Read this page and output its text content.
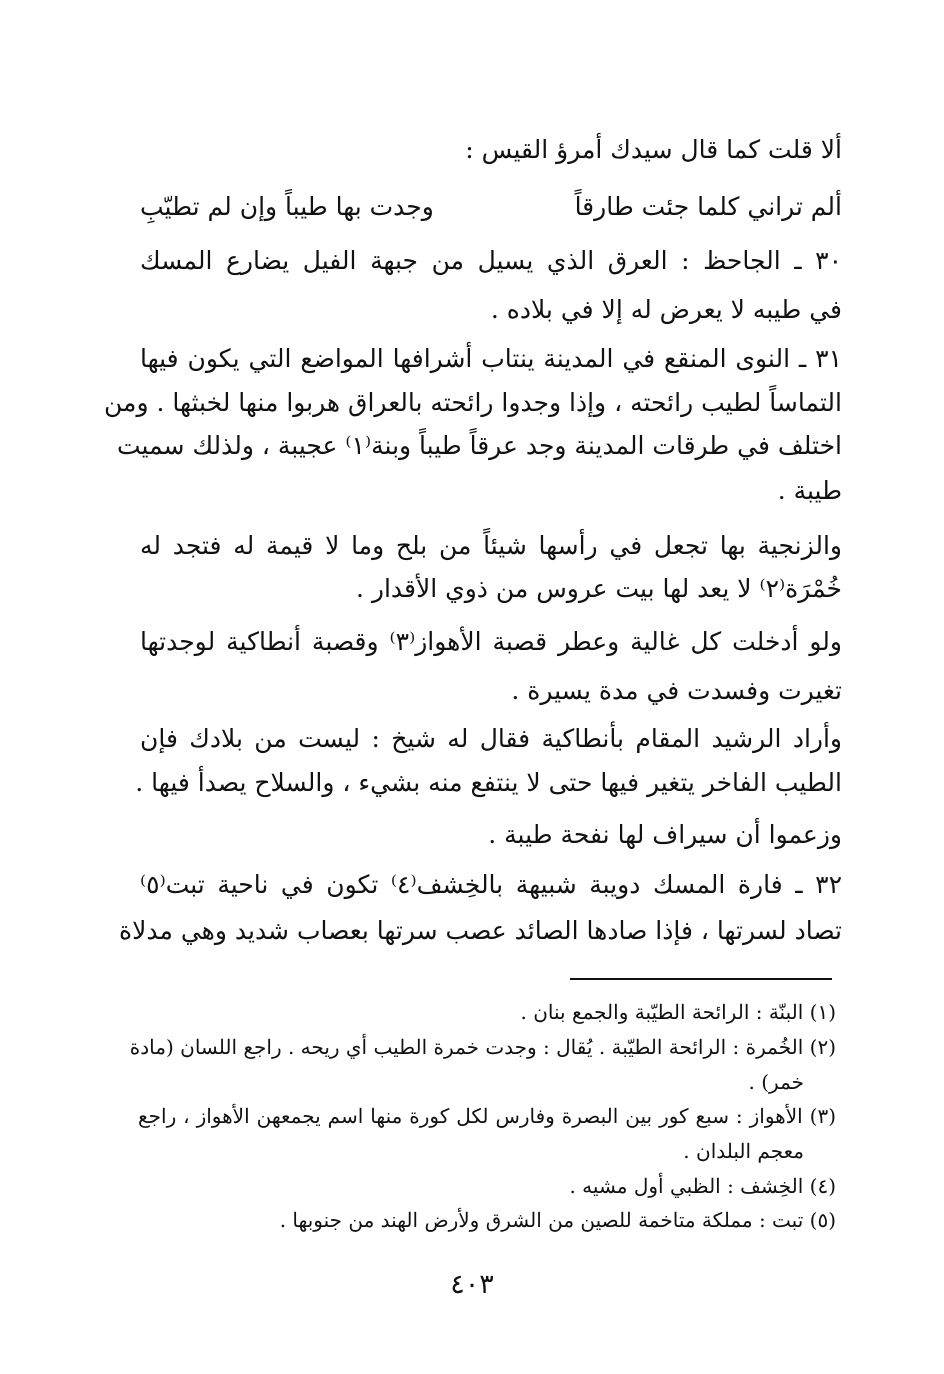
ألا قلت كما قال سيدك أمرؤ القيس :
ألم تراني كلما جئت طارقاً
وجدت بها طيباً وإن لم تطيّبِ
٣٠ ـ الجاحظ : العرق الذي يسيل من جبهة الفيل يضارع المسك
في طيبه لا يعرض له إلا في بلاده .
٣١ ـ النوى المنقع في المدينة ينتاب أشرافها المواضع التي يكون فيها
التماساً لطيب رائحته ، وإذا وجدوا رائحته بالعراق هربوا منها لخبثها . ومن
اختلف في طرقات المدينة وجد عرقاً طيباً وبنة⁽١⁾ عجيبة ، ولذلك سميت
طيبة .
والزنجية بها تجعل في رأسها شيئاً من بلح وما لا قيمة له فتجد له
خُمْرَة⁽٢⁾ لا يعد لها بيت عروس من ذوي الأقدار .
ولو أدخلت كل غالية وعطر قصبة الأهواز⁽٣⁾ وقصبة أنطاكية لوجدتها
تغيرت وفسدت في مدة يسيرة .
وأراد الرشيد المقام بأنطاكية فقال له شيخ : ليست من بلادك فإن
الطيب الفاخر يتغير فيها حتى لا ينتفع منه بشيء ، والسلاح يصدأ فيها .
وزعموا أن سيراف لها نفحة طيبة .
٣٢ ـ فارة المسك دويبة شبيهة بالخِشف⁽٤⁾ تكون في ناحية تبت⁽٥⁾
تصاد لسرتها ، فإذا صادها الصائد عصب سرتها بعصاب شديد وهي مدلاة
(١) البنّة : الرائحة الطيّبة والجمع بنان .
(٢) الخُمرة : الرائحة الطيّبة . يُقال : وجدت خمرة الطيب أي ريحه . راجع اللسان (مادة
خمر) .
(٣) الأهواز : سبع كور بين البصرة وفارس لكل كورة منها اسم يجمعهن الأهواز ، راجع
معجم البلدان .
(٤) الخِشف : الظبي أول مشيه .
(٥) تبت : مملكة متاخمة للصين من الشرق ولأرض الهند من جنوبها .
٤٠٣
